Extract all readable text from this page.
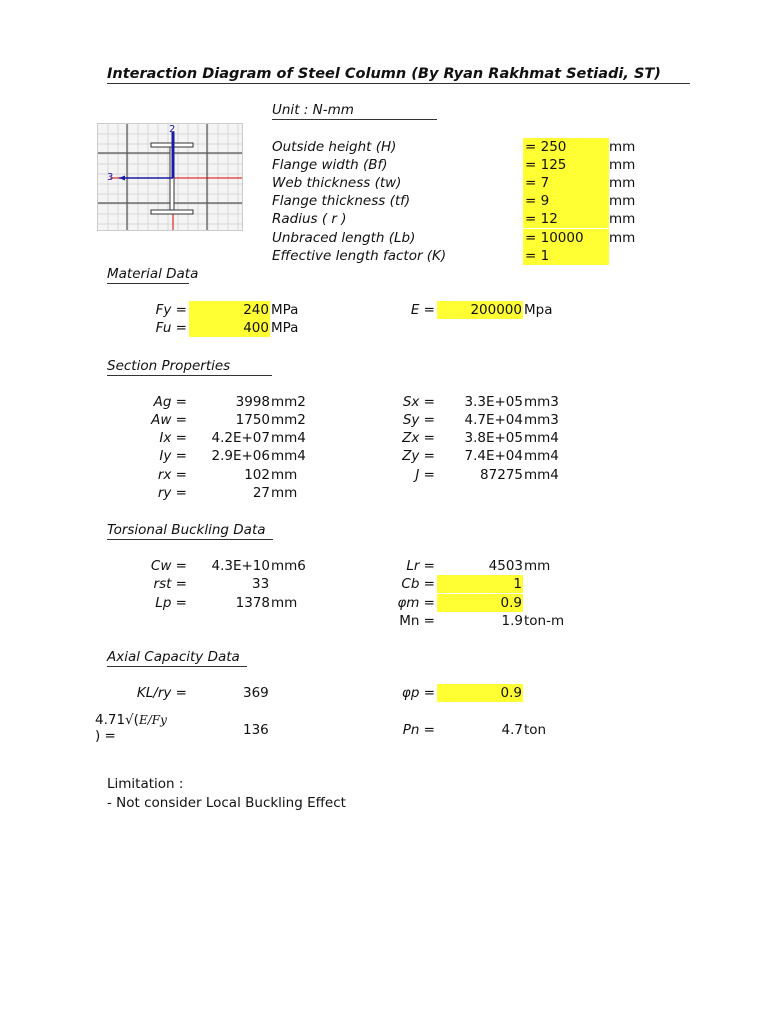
Interaction Diagram of Steel Column (By Ryan Rakhmat Setiadi, ST)
Unit : N-mm
2
3
Outside height (H)	= 250	mm
Flange width (Bf)	= 125	mm
Web thickness (tw)	= 7	mm
Flange thickness (tf)	= 9	mm
Radius ( r )	= 12	mm
Unbraced length (Lb)	= 10000	mm
Effective length factor (K)	= 1
Material Data
Fy =	240 MPa
Fu =	400 MPa
E =	200000 Mpa
Section Properties
Ag =	3998 mm2
Aw =	1750 mm2
Ix =	4.2E+07 mm4
Iy =	2.9E+06 mm4
rx =	102 mm
ry =	27 mm
Sx =	3.3E+05 mm3
Sy =	4.7E+04 mm3
Zx =	3.8E+05 mm4
Zy =	7.4E+04 mm4
J =	87275 mm4
Torsional Buckling Data
Cw =	4.3E+10 mm6
rst =	33
Lp =	1378 mm
Lr =	4503 mm
Cb =	1
φm =	0.9
Mn =	1.9 ton-m
Axial Capacity Data
KL/ry =	369
4.71√(E/Fy
) =	136
φp =	0.9
Pn =	4.7 ton
Limitation :
- Not consider Local Buckling Effect
